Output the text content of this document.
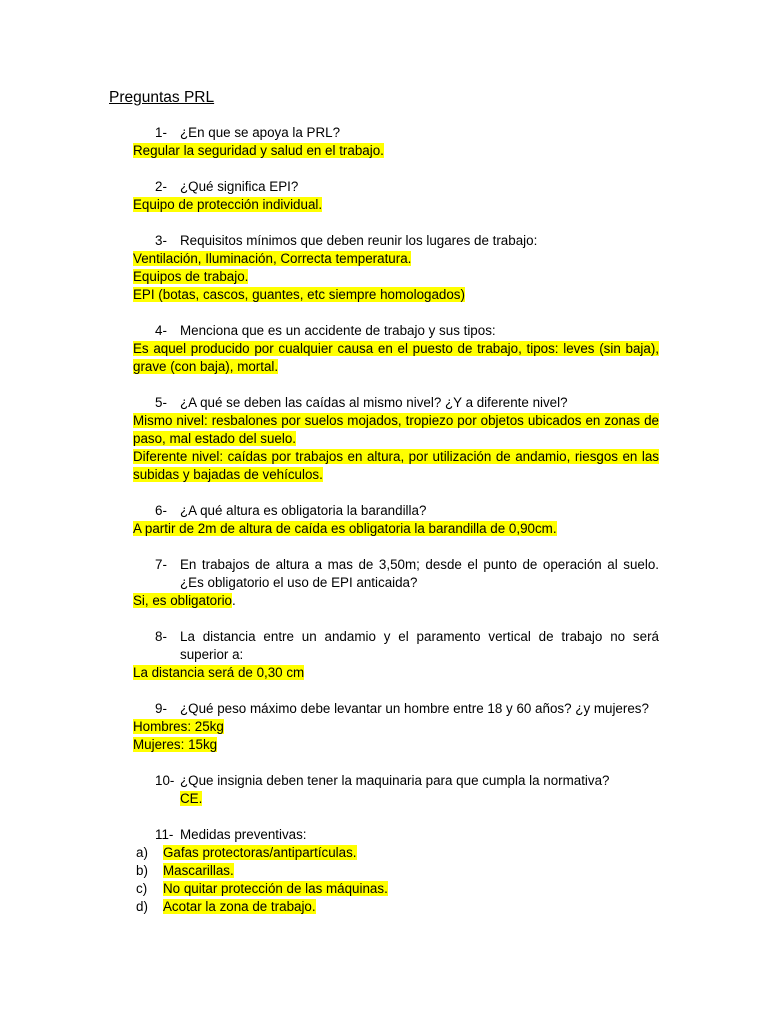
Preguntas PRL
1- ¿En que se apoya la PRL?

Regular la seguridad y salud en el trabajo.

2- ¿Qué significa EPI?

Equipo de protección individual.

3- Requisitos mínimos que deben reunir los lugares de trabajo:

Ventilación, Iluminación, Correcta temperatura.

Equipos de trabajo.

EPI (botas, cascos, guantes, etc siempre homologados)

4- Menciona que es un accidente de trabajo y sus tipos:

Es aquel producido por cualquier causa en el puesto de trabajo, tipos: leves (sin baja), grave (con baja), mortal.

5- ¿A qué se deben las caídas al mismo nivel? ¿Y a diferente nivel?

Mismo nivel: resbalones por suelos mojados, tropiezo por objetos ubicados en zonas de paso, mal estado del suelo.

Diferente nivel: caídas por trabajos en altura, por utilización de andamio, riesgos en las subidas y bajadas de vehículos.

6- ¿A qué altura es obligatoria la barandilla?

A partir de 2m de altura de caída es obligatoria la barandilla de 0,90cm.

7- En trabajos de altura a mas de 3,50m; desde el punto de operación al suelo. ¿Es obligatorio el uso de EPI anticaida?

Si, es obligatorio.

8- La distancia entre un andamio y el paramento vertical de trabajo no será superior a:

La distancia será de 0,30 cm

9- ¿Qué peso máximo debe levantar un hombre entre 18 y 60 años? ¿y mujeres?

Hombres: 25kg

Mujeres: 15kg

10- ¿Que insignia deben tener la maquinaria para que cumpla la normativa?

CE.

11- Medidas preventivas:
a)	Gafas protectoras/antipartículas.
b)	Mascarillas.
c)	No quitar protección de las máquinas.
d)	Acotar la zona de trabajo.
